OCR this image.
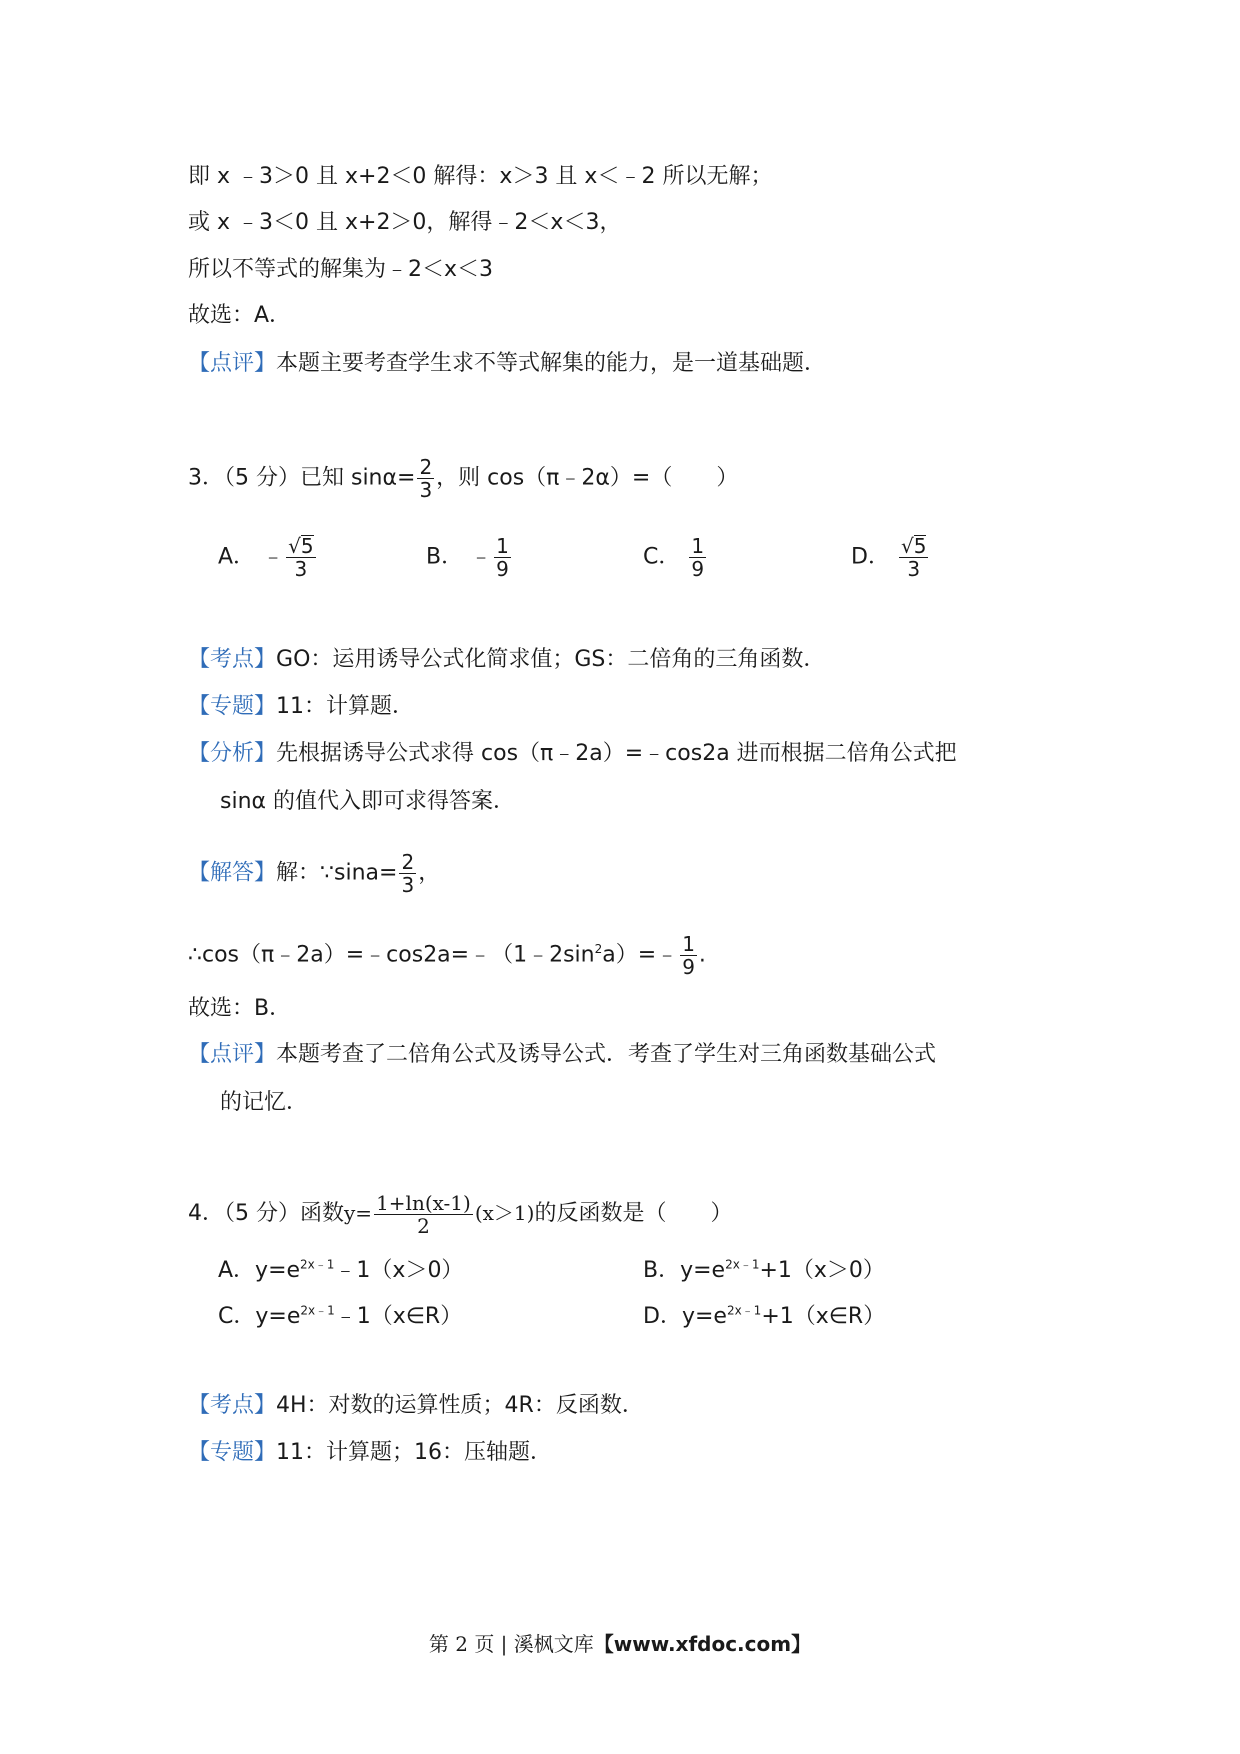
即 x ﹣3＞0 且 x+2＜0 解得：x＞3 且 x＜﹣2 所以无解；
或 x ﹣3＜0 且 x+2＞0，解得﹣2＜x＜3，
所以不等式的解集为﹣2＜x＜3
故选：A．
【点评】本题主要考查学生求不等式解集的能力，是一道基础题．
3．（5 分）已知 $\sin\alpha= \frac{2}{3}$ ，则 cos（π﹣2α）=（　　）
A． ﹣ $\frac{√ 5}{3}$	B． ﹣ $\frac{1}{9}$	C． $\frac{1}{9}$	D． $\frac{√ 5}{3}$
【考点】GO：运用诱导公式化简求值；GS：二倍角的三角函数．
【专题】11：计算题．
【分析】先根据诱导公式求得 cos（π﹣2a）=﹣cos2a 进而根据二倍角公式把
sinα 的值代入即可求得答案．
【解答】解：∵sina= $\frac{2}{3}$ ，
$\therefore\cos(\pi﹣2a)=﹣\cos 2a=﹣(1﹣2\sin^2a)=﹣ \frac{1}{9}$ .
故选：B．
【点评】本题考查了二倍角公式及诱导公式．考查了学生对三角函数基础公式
的记忆．
4．（5 分）函数$y= \frac{1+\ln(x-1)}{2} (x>1)$的反函数是（　　）
A．$y=e^{2x﹣1}﹣1(x>0)$	B．$y=e^{2x﹣1}+1(x>0)$
C．$y=e^{2x﹣1}﹣1(x\in R)$	D．$y=e^{2x﹣1}+1(x\in R)$
【考点】4H：对数的运算性质；4R：反函数．
【专题】11：计算题；16：压轴题．
第 2 页 | 溪枫文库【www.xfdoc.com】
